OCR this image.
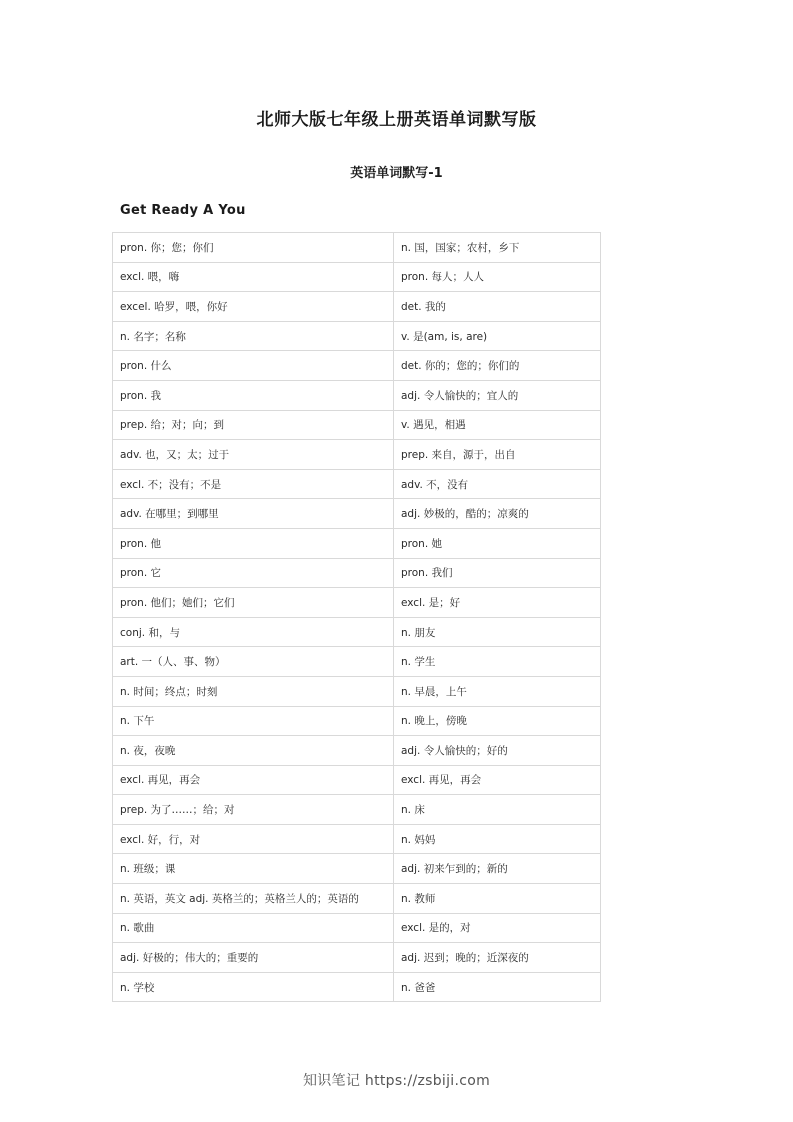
北师大版七年级上册英语单词默写版
英语单词默写-1
Get Ready A You
pron. 你；您；你们	n. 国，国家；农村，乡下
excl. 喂，嗨	pron. 每人；人人
excel. 哈罗，喂，你好	det. 我的
n. 名字；名称	v. 是(am, is, are)
pron. 什么	det. 你的；您的；你们的
pron. 我	adj. 令人愉快的；宜人的
prep. 给；对；向；到	v. 遇见，相遇
adv. 也，又；太；过于	prep. 来自，源于，出自
excl. 不；没有；不是	adv. 不，没有
adv. 在哪里；到哪里	adj. 妙极的，酷的；凉爽的
pron. 他	pron. 她
pron. 它	pron. 我们
pron. 他们；她们；它们	excl. 是；好
conj. 和，与	n. 朋友
art. 一（人、事、物）	n. 学生
n. 时间；终点；时刻	n. 早晨，上午
n. 下午	n. 晚上，傍晚
n. 夜，夜晚	adj. 令人愉快的；好的
excl. 再见，再会	excl. 再见，再会
prep. 为了……；给；对	n. 床
excl. 好，行，对	n. 妈妈
n. 班级；课	adj. 初来乍到的；新的
n. 英语，英文 adj. 英格兰的；英格兰人的；英语的	n. 教师
n. 歌曲	excl. 是的，对
adj. 好极的；伟大的；重要的	adj. 迟到；晚的；近深夜的
n. 学校	n. 爸爸
知识笔记 https://zsbiji.com
